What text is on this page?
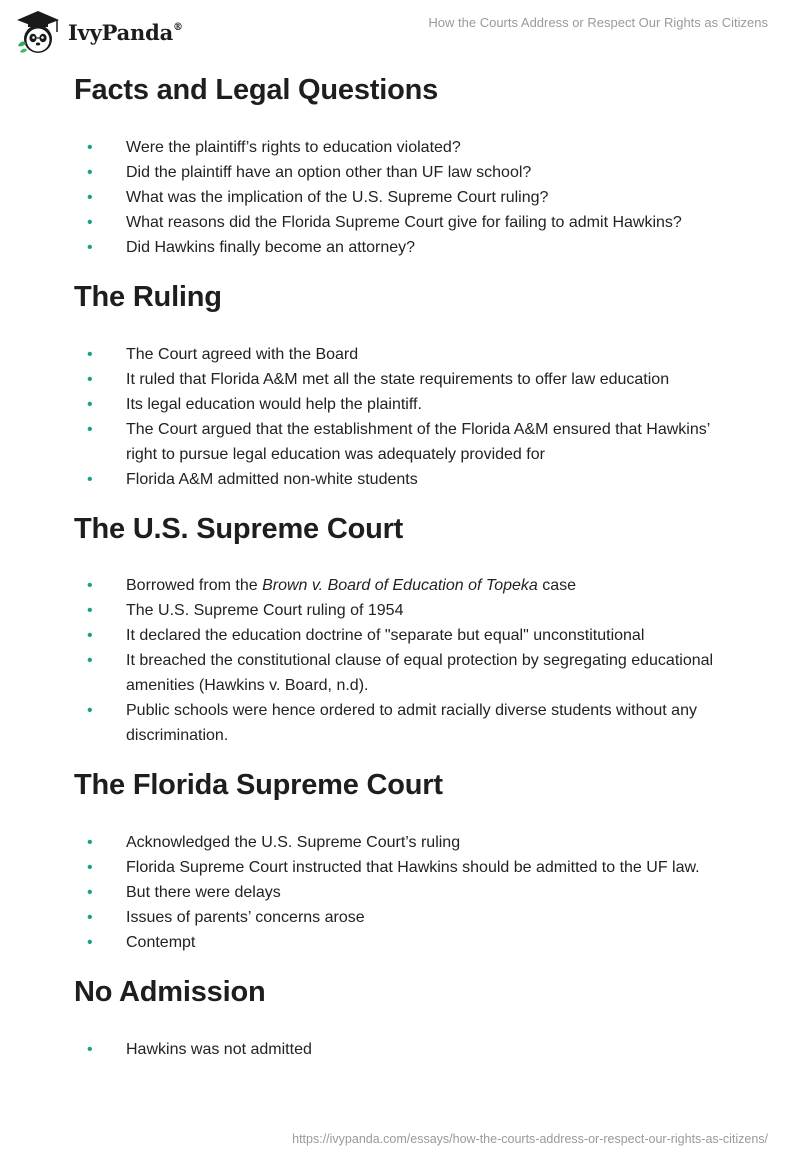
IvyPanda®	How the Courts Address or Respect Our Rights as Citizens
Facts and Legal Questions
• Were the plaintiff’s rights to education violated?
• Did the plaintiff have an option other than UF law school?
• What was the implication of the U.S. Supreme Court ruling?
• What reasons did the Florida Supreme Court give for failing to admit Hawkins?
• Did Hawkins finally become an attorney?
The Ruling
• The Court agreed with the Board
• It ruled that Florida A&M met all the state requirements to offer law education
• Its legal education would help the plaintiff.
• The Court argued that the establishment of the Florida A&M ensured that Hawkins’ right to pursue legal education was adequately provided for
• Florida A&M admitted non-white students
The U.S. Supreme Court
• Borrowed from the Brown v. Board of Education of Topeka case
• The U.S. Supreme Court ruling of 1954
• It declared the education doctrine of "separate but equal" unconstitutional
• It breached the constitutional clause of equal protection by segregating educational amenities (Hawkins v. Board, n.d).
• Public schools were hence ordered to admit racially diverse students without any discrimination.
The Florida Supreme Court
• Acknowledged the U.S. Supreme Court’s ruling
• Florida Supreme Court instructed that Hawkins should be admitted to the UF law.
• But there were delays
• Issues of parents’ concerns arose
• Contempt
No Admission
• Hawkins was not admitted
https://ivypanda.com/essays/how-the-courts-address-or-respect-our-rights-as-citizens/
